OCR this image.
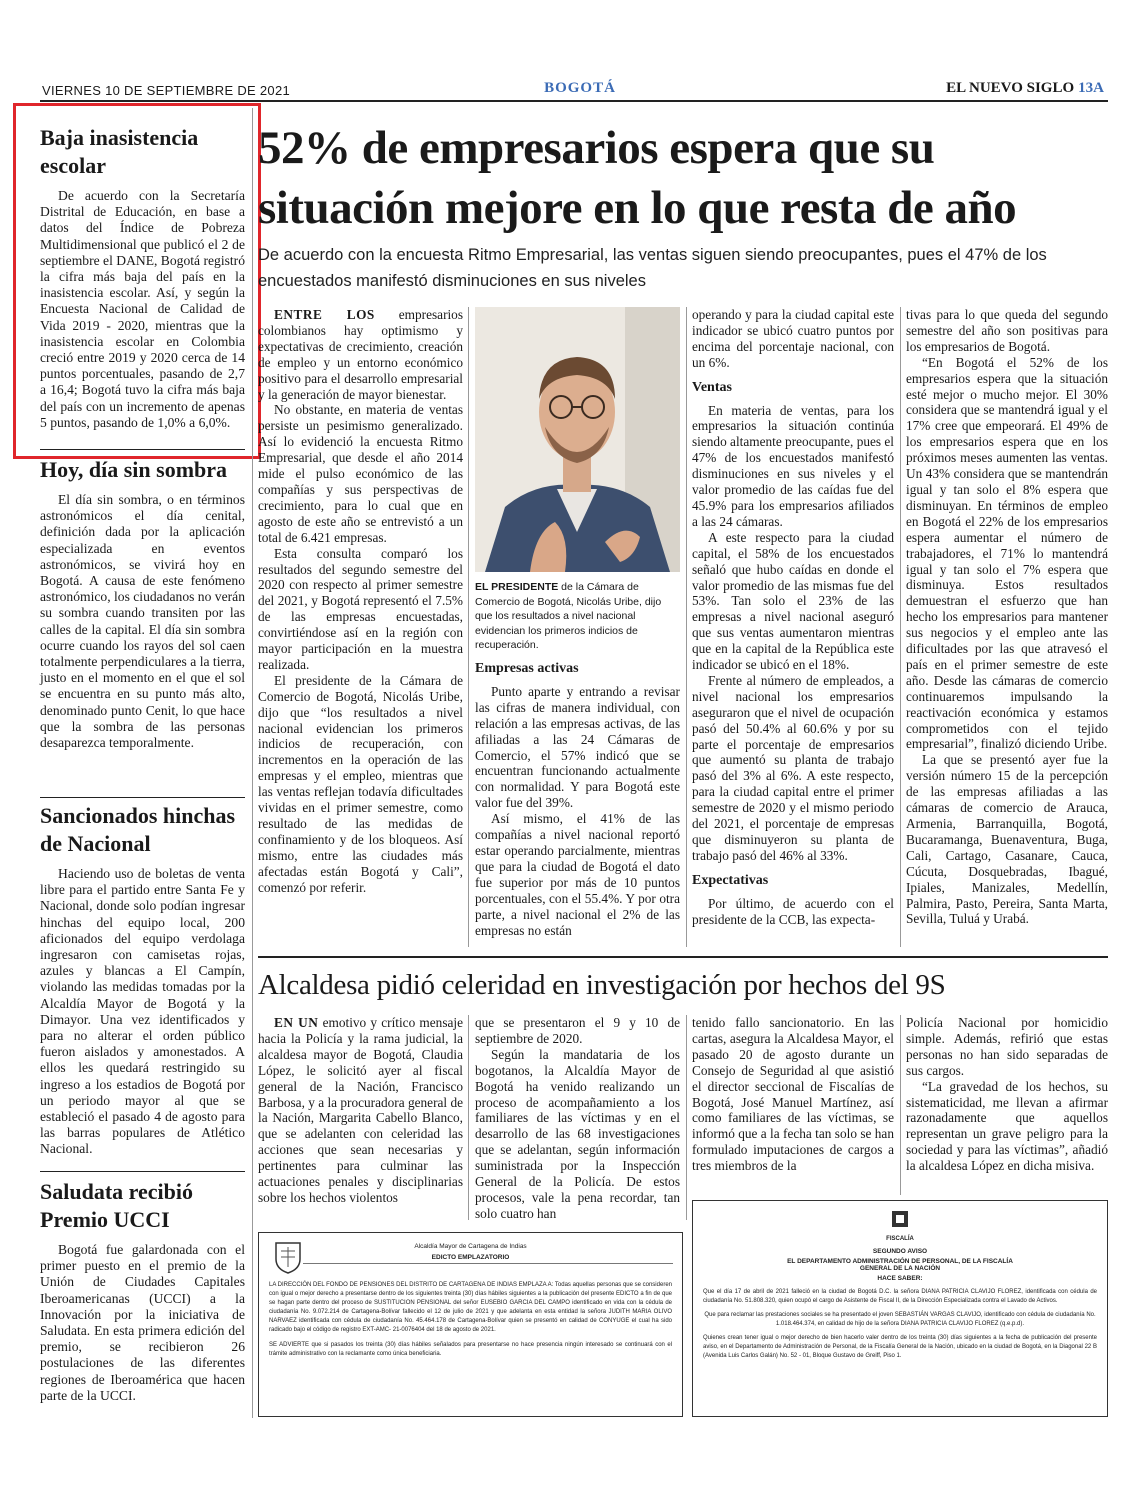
VIERNES 10 DE SEPTIEMBRE DE 2021	BOGOTÁ	EL NUEVO SIGLO 13A
Baja inasistencia escolar

De acuerdo con la Secretaría Distrital de Educación, en base a datos del Índice de Pobreza Multidimensional que publicó el 2 de septiembre el DANE, Bogotá registró la cifra más baja del país en la inasistencia escolar. Así, y según la Encuesta Nacional de Calidad de Vida 2019 - 2020, mientras que la inasistencia escolar en Colombia creció entre 2019 y 2020 cerca de 14 puntos porcentuales, pasando de 2,7 a 16,4; Bogotá tuvo la cifra más baja del país con un incremento de apenas 5 puntos, pasando de 1,0% a 6,0%.

Hoy, día sin sombra

El día sin sombra, o en términos astronómicos el día cenital, definición dada por la aplicación especializada en eventos astronómicos, se vivirá hoy en Bogotá. A causa de este fenómeno astronómico, los ciudadanos no verán su sombra cuando transiten por las calles de la capital. El día sin sombra ocurre cuando los rayos del sol caen totalmente perpendiculares a la tierra, justo en el momento en el que el sol se encuentra en su punto más alto, denominado punto Cenit, lo que hace que la sombra de las personas desaparezca temporalmente.

Sancionados hinchas de Nacional

Haciendo uso de boletas de venta libre para el partido entre Santa Fe y Nacional, donde solo podían ingresar hinchas del equipo local, 200 aficionados del equipo verdolaga ingresaron con camisetas rojas, azules y blancas a El Campín, violando las medidas tomadas por la Alcaldía Mayor de Bogotá y la Dimayor. Una vez identificados y para no alterar el orden público fueron aislados y amonestados. A ellos les quedará restringido su ingreso a los estadios de Bogotá por un periodo mayor al que se estableció el pasado 4 de agosto para las barras populares de Atlético Nacional.

Saludata recibió Premio UCCI

Bogotá fue galardonada con el primer puesto en el premio de la Unión de Ciudades Capitales Iberoamericanas (UCCI) a la Innovación por la iniciativa de Saludata. En esta primera edición del premio, se recibieron 26 postulaciones de las diferentes regiones de Iberoamérica que hacen parte de la UCCI.

52% de empresarios espera que su situación mejore en lo que resta de año
De acuerdo con la encuesta Ritmo Empresarial, las ventas siguen siendo preocupantes, pues el 47% de los encuestados manifestó disminuciones en sus niveles

ENTRE LOS empresarios colombianos hay optimismo y expectativas de crecimiento, creación de empleo y un entorno económico positivo para el desarrollo empresarial y la generación de mayor bienestar.

No obstante, en materia de ventas persiste un pesimismo generalizado. Así lo evidenció la encuesta Ritmo Empresarial, que desde el año 2014 mide el pulso económico de las compañías y sus perspectivas de crecimiento, para lo cual que en agosto de este año se entrevistó a un total de 6.421 empresas.

Esta consulta comparó los resultados del segundo semestre del 2020 con respecto al primer semestre del 2021, y Bogotá representó el 7.5% de las empresas encuestadas, convirtiéndose así en la región con mayor participación en la muestra realizada.

El presidente de la Cámara de Comercio de Bogotá, Nicolás Uribe, dijo que “los resultados a nivel nacional evidencian los primeros indicios de recuperación, con incrementos en la operación de las empresas y el empleo, mientras que las ventas reflejan todavía dificultades vividas en el primer semestre, como resultado de las medidas de confinamiento y de los bloqueos. Así mismo, entre las ciudades más afectadas están Bogotá y Cali”, comenzó por referir.

EL PRESIDENTE de la Cámara de Comercio de Bogotá, Nicolás Uribe, dijo que los resultados a nivel nacional evidencian los primeros indicios de recuperación.
Empresas activas

Punto aparte y entrando a revisar las cifras de manera individual, con relación a las empresas activas, de las afiliadas a las 24 Cámaras de Comercio, el 57% indicó que se encuentran funcionando actualmente con normalidad. Y para Bogotá este valor fue del 39%.

Así mismo, el 41% de las compañías a nivel nacional reportó estar operando parcialmente, mientras que para la ciudad de Bogotá el dato fue superior por más de 10 puntos porcentuales, con el 55.4%. Y por otra parte, a nivel nacional el 2% de las empresas no están

operando y para la ciudad capital este indicador se ubicó cuatro puntos por encima del porcentaje nacional, con un 6%.

Ventas

En materia de ventas, para los empresarios la situación continúa siendo altamente preocupante, pues el 47% de los encuestados manifestó disminuciones en sus niveles y el valor promedio de las caídas fue del 45.9% para los empresarios afiliados a las 24 cámaras.

A este respecto para la ciudad capital, el 58% de los encuestados señaló que hubo caídas en donde el valor promedio de las mismas fue del 53%. Tan solo el 23% de las empresas a nivel nacional aseguró que sus ventas aumentaron mientras que en la capital de la República este indicador se ubicó en el 18%.

Frente al número de empleados, a nivel nacional los empresarios aseguraron que el nivel de ocupación pasó del 50.4% al 60.6% y por su parte el porcentaje de empresarios que aumentó su planta de trabajo pasó del 3% al 6%. A este respecto, para la ciudad capital entre el primer semestre de 2020 y el mismo periodo del 2021, el porcentaje de empresas que disminuyeron su planta de trabajo pasó del 46% al 33%.

Expectativas

Por último, de acuerdo con el presidente de la CCB, las expecta-

tivas para lo que queda del segundo semestre del año son positivas para los empresarios de Bogotá.

“En Bogotá el 52% de los empresarios espera que la situación esté mejor o mucho mejor. El 30% considera que se mantendrá igual y el 17% cree que empeorará. El 49% de los empresarios espera que en los próximos meses aumenten las ventas. Un 43% considera que se mantendrán igual y tan solo el 8% espera que disminuyan. En términos de empleo en Bogotá el 22% de los empresarios espera aumentar el número de trabajadores, el 71% lo mantendrá igual y tan solo el 7% espera que disminuya. Estos resultados demuestran el esfuerzo que han hecho los empresarios para mantener sus negocios y el empleo ante las dificultades por las que atravesó el país en el primer semestre de este año. Desde las cámaras de comercio continuaremos impulsando la reactivación económica y estamos comprometidos con el tejido empresarial”, finalizó diciendo Uribe.

La que se presentó ayer fue la versión número 15 de la percepción de las empresas afiliadas a las cámaras de comercio de Arauca, Armenia, Barranquilla, Bogotá, Bucaramanga, Buenaventura, Buga, Cali, Cartago, Casanare, Cauca, Cúcuta, Dosquebradas, Ibagué, Ipiales, Manizales, Medellín, Palmira, Pasto, Pereira, Santa Marta, Sevilla, Tuluá y Urabá.

Alcaldesa pidió celeridad en investigación por hechos del 9S

EN UN emotivo y crítico mensaje hacia la Policía y la rama judicial, la alcaldesa mayor de Bogotá, Claudia López, le solicitó ayer al fiscal general de la Nación, Francisco Barbosa, y a la procuradora general de la Nación, Margarita Cabello Blanco, que se adelanten con celeridad las acciones que sean necesarias y pertinentes para culminar las actuaciones penales y disciplinarias sobre los hechos violentos

que se presentaron el 9 y 10 de septiembre de 2020.

Según la mandataria de los bogotanos, la Alcaldía Mayor de Bogotá ha venido realizando un proceso de acompañamiento a los familiares de las víctimas y en el desarrollo de las 68 investigaciones que se adelantan, según información suministrada por la Inspección General de la Policía. De estos procesos, vale la pena recordar, tan solo cuatro han

tenido fallo sancionatorio. En las cartas, asegura la Alcaldesa Mayor, el pasado 20 de agosto durante un Consejo de Seguridad al que asistió el director seccional de Fiscalías de Bogotá, José Manuel Martínez, así como familiares de las víctimas, se informó que a la fecha tan solo se han formulado imputaciones de cargos a tres miembros de la

Policía Nacional por homicidio simple. Además, refirió que estas personas no han sido separadas de sus cargos.

“La gravedad de los hechos, su sistematicidad, me llevan a afirmar razonadamente que aquellos representan un grave peligro para la sociedad y para las víctimas”, añadió la alcaldesa López en dicha misiva.

Alcaldía Mayor de Cartagena de Indias
EDICTO EMPLAZATORIO
LA DIRECCIÓN DEL FONDO DE PENSIONES DEL DISTRITO DE CARTAGENA DE INDIAS EMPLAZA A: Todas aquellas personas que se consideren con igual o mejor derecho a presentarse dentro de los siguientes treinta (30) días hábiles siguientes a la publicación del presente EDICTO a fin de que se hagan parte dentro del proceso de SUSTITUCION PENSIONAL del señor EUSEBIO GARCIA DEL CAMPO identificado en vida con la cédula de ciudadanía No. 9.072.214 de Cartagena-Bolívar fallecido el 12 de julio de 2021 y que adelanta en esta entidad la señora JUDITH MARIA OLIVO NARVAEZ identificada con cédula de ciudadanía No. 45.464.178 de Cartagena-Bolívar quien se presentó en calidad de CONYUGE el cual ha sido radicado bajo el código de registro EXT-AMC- 21-0076404 del 18 de agosto de 2021.
SE ADVIERTE que si pasados los treinta (30) días hábiles señalados para presentarse no hace presencia ningún interesado se continuará con el trámite administrativo con la reclamante como única beneficiaria.
FISCALÍA
SEGUNDO AVISO
EL DEPARTAMENTO ADMINISTRACIÓN DE PERSONAL, DE LA FISCALÍA GENERAL DE LA NACIÓN
HACE SABER:
Que el día 17 de abril de 2021 falleció en la ciudad de Bogotá D.C. la señora DIANA PATRICIA CLAVIJO FLOREZ, identificada con cédula de ciudadanía No. 51.808.320, quien ocupó el cargo de Asistente de Fiscal II, de la Dirección Especializada contra el Lavado de Activos.
Que para reclamar las prestaciones sociales se ha presentado el joven SEBASTIÁN VARGAS CLAVIJO, identificado con cédula de ciudadanía No. 1.018.464.374, en calidad de hijo de la señora DIANA PATRICIA CLAVIJO FLOREZ (q.e.p.d).
Quienes crean tener igual o mejor derecho de bien hacerlo valer dentro de los treinta (30) días siguientes a la fecha de publicación del presente aviso, en el Departamento de Administración de Personal, de la Fiscalía General de la Nación, ubicado en la ciudad de Bogotá, en la Diagonal 22 B (Avenida Luis Carlos Galán) No. 52 - 01, Bloque Gustavo de Greiff, Piso 1.
